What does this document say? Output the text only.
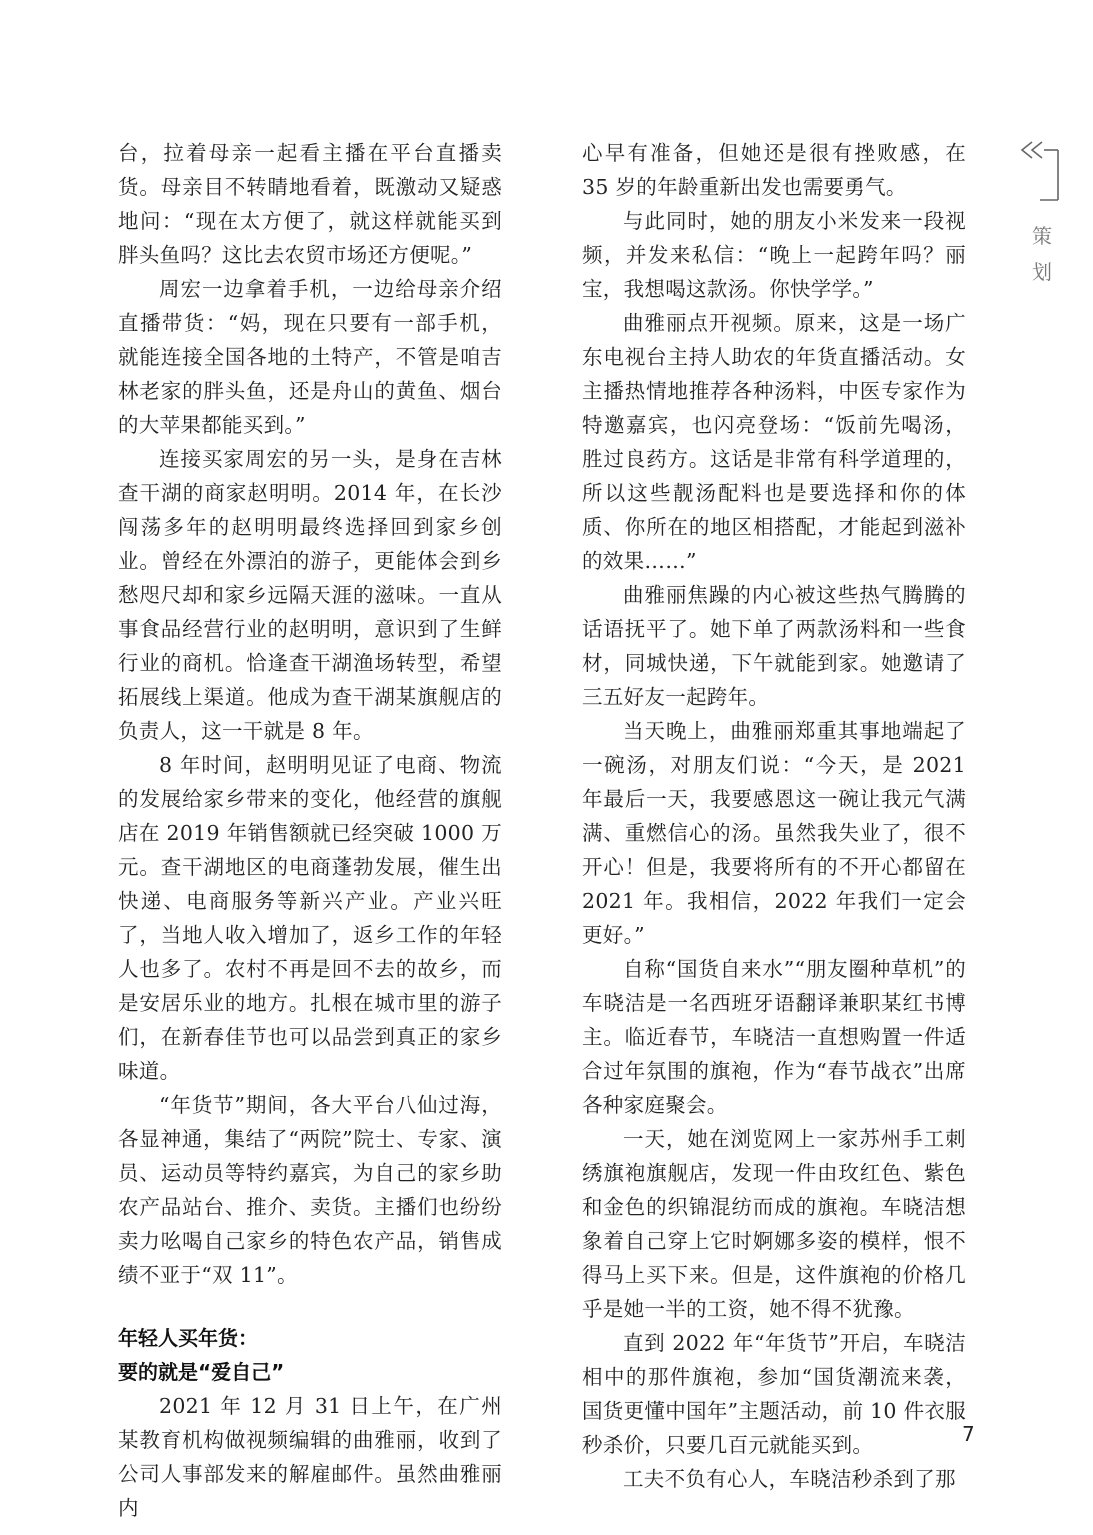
台，拉着母亲一起看主播在平台直播卖货。母亲目不转睛地看着，既激动又疑惑地问：“现在太方便了，就这样就能买到胖头鱼吗？这比去农贸市场还方便呢。”

周宏一边拿着手机，一边给母亲介绍直播带货：“妈，现在只要有一部手机，就能连接全国各地的土特产，不管是咱吉林老家的胖头鱼，还是舟山的黄鱼、烟台的大苹果都能买到。”

连接买家周宏的另一头，是身在吉林查干湖的商家赵明明。2014 年，在长沙闯荡多年的赵明明最终选择回到家乡创业。曾经在外漂泊的游子，更能体会到乡愁咫尺却和家乡远隔天涯的滋味。一直从事食品经营行业的赵明明，意识到了生鲜行业的商机。恰逢查干湖渔场转型，希望拓展线上渠道。他成为查干湖某旗舰店的负责人，这一干就是 8 年。

8 年时间，赵明明见证了电商、物流的发展给家乡带来的变化，他经营的旗舰店在 2019 年销售额就已经突破 1000 万元。查干湖地区的电商蓬勃发展，催生出快递、电商服务等新兴产业。产业兴旺了，当地人收入增加了，返乡工作的年轻人也多了。农村不再是回不去的故乡，而是安居乐业的地方。扎根在城市里的游子们，在新春佳节也可以品尝到真正的家乡味道。

“年货节”期间，各大平台八仙过海，各显神通，集结了“两院”院士、专家、演员、运动员等特约嘉宾，为自己的家乡助农产品站台、推介、卖货。主播们也纷纷卖力吆喝自己家乡的特色农产品，销售成绩不亚于“双 11”。

年轻人买年货：
要的就是“爱自己”

2021 年 12 月 31 日上午，在广州某教育机构做视频编辑的曲雅丽，收到了公司人事部发来的解雇邮件。虽然曲雅丽内

心早有准备，但她还是很有挫败感，在 35 岁的年龄重新出发也需要勇气。

与此同时，她的朋友小米发来一段视频，并发来私信：“晚上一起跨年吗？丽宝，我想喝这款汤。你快学学。”

曲雅丽点开视频。原来，这是一场广东电视台主持人助农的年货直播活动。女主播热情地推荐各种汤料，中医专家作为特邀嘉宾，也闪亮登场：“饭前先喝汤，胜过良药方。这话是非常有科学道理的，所以这些靓汤配料也是要选择和你的体质、你所在的地区相搭配，才能起到滋补的效果……”

曲雅丽焦躁的内心被这些热气腾腾的话语抚平了。她下单了两款汤料和一些食材，同城快递，下午就能到家。她邀请了三五好友一起跨年。

当天晚上，曲雅丽郑重其事地端起了一碗汤，对朋友们说：“今天，是 2021 年最后一天，我要感恩这一碗让我元气满满、重燃信心的汤。虽然我失业了，很不开心！但是，我要将所有的不开心都留在 2021 年。我相信，2022 年我们一定会更好。”

自称“国货自来水”“朋友圈种草机”的车晓洁是一名西班牙语翻译兼职某红书博主。临近春节，车晓洁一直想购置一件适合过年氛围的旗袍，作为“春节战衣”出席各种家庭聚会。

一天，她在浏览网上一家苏州手工刺绣旗袍旗舰店，发现一件由玫红色、紫色和金色的织锦混纺而成的旗袍。车晓洁想象着自己穿上它时婀娜多姿的模样，恨不得马上买下来。但是，这件旗袍的价格几乎是她一半的工资，她不得不犹豫。

直到 2022 年“年货节”开启，车晓洁相中的那件旗袍，参加“国货潮流来袭，国货更懂中国年”主题活动，前 10 件衣服秒杀价，只要几百元就能买到。

工夫不负有心人，车晓洁秒杀到了那

策
划
7
